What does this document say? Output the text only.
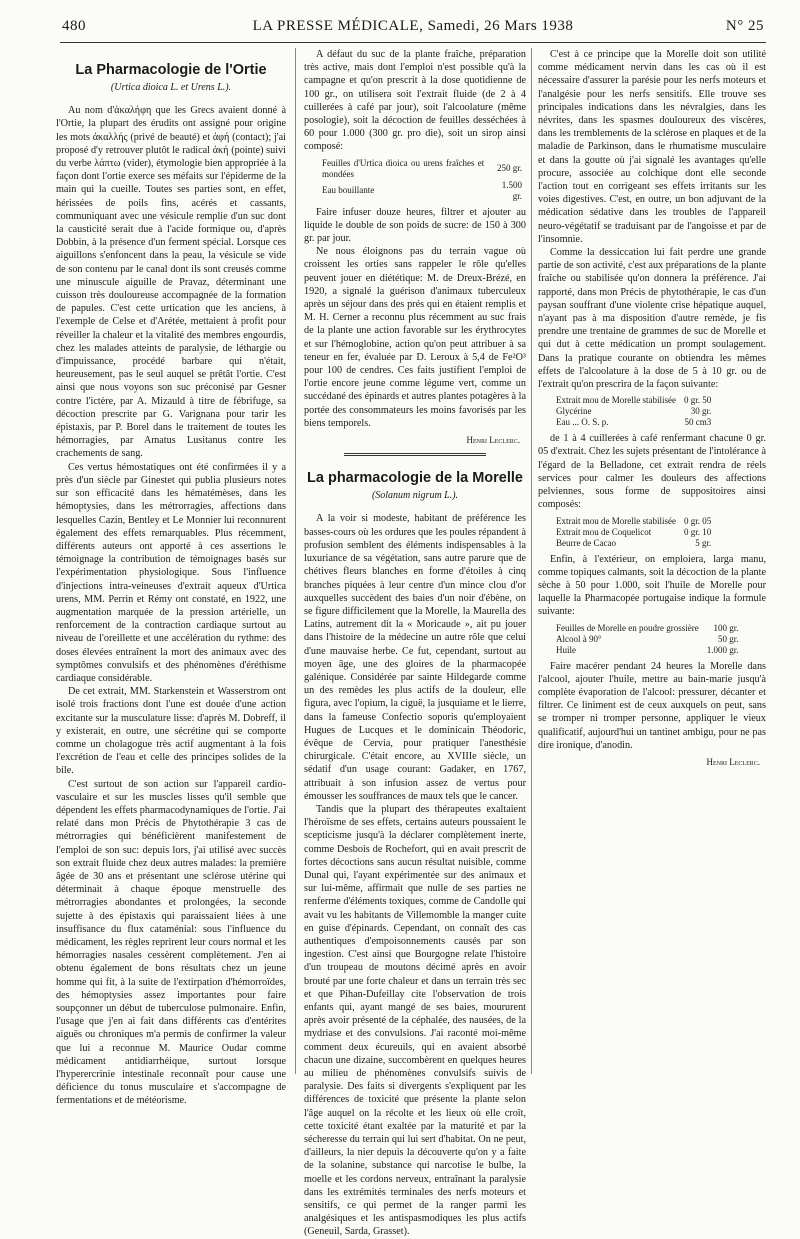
480	LA PRESSE MÉDICALE, Samedi, 26 Mars 1938	N° 25
La Pharmacologie de l'Ortie
(Urtica dioica L. et Urens L.).

Au nom d'ἀκαλήφη que les Grecs avaient donné à l'Ortie, la plupart des érudits ont assigné pour origine les mots ἀκαλλής (privé de beauté) et ἁφή (contact); j'ai proposé d'y retrouver plutôt le radical ἀκή (pointe) suivi du verbe λάπτω (vider), étymologie bien appropriée à la façon dont l'ortie exerce ses méfaits sur l'épiderme de la main qui la cueille. Toutes ses parties sont, en effet, hérissées de poils fins, acérés et cassants, communiquant avec une vésicule remplie d'un suc dont la causticité serait due à l'acide formique ou, d'après Dobbin, à la présence d'un ferment spécial. Lorsque ces aiguillons s'enfoncent dans la peau, la vésicule se vide de son contenu par le canal dont ils sont creusés comme une minuscule aiguille de Pravaz, déterminant une cuisson très douloureuse accompagnée de la formation de papules. C'est cette urtication que les anciens, à l'exemple de Celse et d'Arétée, mettaient à profit pour réveiller la chaleur et la vitalité des membres engourdis, chez les malades atteints de paralysie, de léthargie ou d'impuissance, procédé barbare qui n'était, heureusement, pas le seul auquel se prêtât l'ortie. C'est ainsi que nous voyons son suc préconisé par Gesner contre l'ictère, par A. Mizauld à titre de fébrifuge, sa décoction prescrite par G. Varignana pour tarir les épistaxis, par P. Borel dans le traitement de toutes les hémorragies, par Amatus Lusitanus contre les crachements de sang.

Ces vertus hémostatiques ont été confirmées il y a près d'un siècle par Ginestet qui publia plusieurs notes sur son efficacité dans les hématémèses, dans les hémoptysies, dans les métrorragies, affections dans lesquelles Cazin, Bentley et Le Monnier lui reconnurent également des effets remarquables. Plus récemment, différents auteurs ont apporté à ces assertions le témoignage la contribution de témoignages basés sur l'expérimentation physiologique. Sous l'influence d'injections intra-veineuses d'extrait aqueux d'Urtica urens, MM. Perrin et Rémy ont constaté, en 1922, une augmentation marquée de la pression artérielle, un renforcement de la contraction cardiaque surtout au niveau de l'oreillette et une accélération du rythme: des doses élevées entraînent la mort des animaux avec des symptômes convulsifs et des phénomènes d'éréthisme cardiaque considérable.

De cet extrait, MM. Starkenstein et Wasserstrom ont isolé trois fractions dont l'une est douée d'une action excitante sur la musculature lisse: d'après M. Dobreff, il y existerait, en outre, une sécrétine qui se comporte comme un cholagogue très actif augmentant à la fois l'excrétion de l'eau et celle des principes solides de la bile.

C'est surtout de son action sur l'appareil cardio-vasculaire et sur les muscles lisses qu'il semble que dépendent les effets pharmacodynamiques de l'ortie. J'ai relaté dans mon Précis de Phytothérapie 3 cas de métrorragies qui bénéficièrent manifestement de l'emploi de son suc: depuis lors, j'ai utilisé avec succès son extrait fluide chez deux autres malades: la première âgée de 30 ans et présentant une sclérose utérine qui déterminait à chaque époque menstruelle des métrorragies abondantes et prolongées, la seconde sujette à des épistaxis qui paraissaient liées à une insuffisance du flux cataménial: sous l'influence du médicament, les règles reprirent leur cours normal et les hémorragies nasales cessèrent complètement. J'en ai obtenu également de bons résultats chez un jeune homme qui fit, à la suite de l'extirpation d'hémorroïdes, des hémoptysies assez importantes pour faire soupçonner un début de tuberculose pulmonaire. Enfin, l'usage que j'en ai fait dans différents cas d'entérites aiguës ou chroniques m'a permis de confirmer la valeur que lui a reconnue M. Maurice Oudar comme médicament antidiarrhéique, surtout lorsque l'hyperercrinie intestinale reconnaît pour cause une déficience du tonus musculaire et s'accompagne de fermentations et de météorisme.

A défaut du suc de la plante fraîche, préparation très active, mais dont l'emploi n'est possible qu'à la campagne et qu'on prescrit à la dose quotidienne de 100 gr., on utilisera soit l'extrait fluide (de 2 à 4 cuillerées à café par jour), soit l'alcoolature (même posologie), soit la décoction de feuilles desséchées à 60 pour 1.000 (300 gr. pro die), soit un sirop ainsi composé:

Feuilles d'Urtica dioica ou urens fraîches et mondées	250 gr.
Eau bouillante	1.500 gr.

Faire infuser douze heures, filtrer et ajouter au liquide le double de son poids de sucre: de 150 à 300 gr. par jour.

Ne nous éloignons pas du terrain vague où croissent les orties sans rappeler le rôle qu'elles peuvent jouer en diététique: M. de Dreux-Brézé, en 1920, a signalé la guérison d'animaux tuberculeux après un séjour dans des prés qui en étaient remplis et M. H. Cerner a reconnu plus récemment au suc frais de la plante une action favorable sur les érythrocytes et sur l'hémoglobine, action qu'on peut attribuer à sa teneur en fer, évaluée par D. Leroux à 5,4 de Fe²O³ pour 100 de cendres. Ces faits justifient l'emploi de l'ortie encore jeune comme légume vert, comme un succédané des épinards et autres plantes potagères à la portée des consommateurs les moins favorisés par les biens temporels.

Henri Leclerc.
La pharmacologie de la Morelle
(Solanum nigrum L.).

A la voir si modeste, habitant de préférence les basses-cours où les ordures que les poules répandent à profusion semblent des éléments indispensables à la luxuriance de sa végétation, sans autre parure que de chétives fleurs blanches en forme d'étoiles à cinq branches piquées à leur centre d'un mince clou d'or auxquelles succèdent des baies d'un noir d'ébène, on se figure difficilement que la Morelle, la Maurella des Latins, autrement dit la « Moricaude », ait pu jouer dans l'histoire de la médecine un autre rôle que celui d'une mauvaise herbe. Ce fut, cependant, surtout au moyen âge, une des gloires de la pharmacopée galénique. Considérée par sainte Hildegarde comme un des remèdes les plus actifs de la douleur, elle figura, avec l'opium, la ciguë, la jusquiame et le lierre, dans la fameuse Confectio soporis qu'employaient Hugues de Lucques et le dominicain Théodoric, évêque de Cervia, pour pratiquer l'anesthésie chirurgicale. C'était encore, au XVIIIe siècle, un sédatif d'un usage courant: Gadaker, en 1767, attribuait à son infusion assez de vertus pour émousser les souffrances de maux tels que le cancer.

Tandis que la plupart des thérapeutes exaltaient l'héroïsme de ses effets, certains auteurs poussaient le scepticisme jusqu'à la déclarer complètement inerte, comme Desbois de Rochefort, qui en avait prescrit de fortes décoctions sans aucun résultat nuisible, comme Dunal qui, l'ayant expérimentée sur des animaux et sur lui-même, affirmait que nulle de ses parties ne renferme d'éléments toxiques, comme de Candolle qui avait vu les habitants de Villemomble la manger cuite en guise d'épinards. Cependant, on connaît des cas authentiques d'empoisonnements causés par son ingestion. C'est ainsi que Bourgogne relate l'histoire d'un troupeau de moutons décimé après en avoir brouté par une forte chaleur et dans un terrain très sec et que Pihan-Dufeillay cite l'observation de trois enfants qui, ayant mangé de ses baies, moururent après avoir présenté de la céphalée, des nausées, de la mydriase et des convulsions. J'ai raconté moi-même comment deux écureuils, qui en avaient absorbé chacun une dizaine, succombèrent en quelques heures au milieu de phénomènes convulsifs suivis de paralysie. Des faits si divergents s'expliquent par les différences de toxicité que présente la plante selon l'âge auquel on la récolte et les lieux où elle croît, cette toxicité étant exaltée par la maturité et par la sécheresse du terrain qui lui sert d'habitat. On ne peut, d'ailleurs, la nier depuis la découverte qu'on y a faite de la solanine, substance qui narcotise le bulbe, la moelle et les cordons nerveux, entraînant la paralysie dans les extrémités terminales des nerfs moteurs et sensitifs, ce qui permet de la ranger parmi les analgésiques et les antispasmodiques les plus actifs (Geneuil, Sarda, Grasset).

C'est à ce principe que la Morelle doit son utilité comme médicament nervin dans les cas où il est nécessaire d'assurer la parésie pour les nerfs moteurs et l'analgésie pour les nerfs sensitifs. Elle trouve ses principales indications dans les névralgies, dans les névrites, dans les spasmes douloureux des viscères, dans les tremblements de la sclérose en plaques et de la maladie de Parkinson, dans le rhumatisme musculaire et dans la goutte où j'ai signalé les avantages qu'elle procure, associée au colchique dont elle seconde l'action tout en corrigeant ses effets irritants sur les voies digestives. C'est, en outre, un bon adjuvant de la médication sédative dans les troubles de l'appareil neuro-végétatif se traduisant par de l'angoisse et par de l'insomnie.

Comme la dessiccation lui fait perdre une grande partie de son activité, c'est aux préparations de la plante fraîche ou stabilisée qu'on donnera la préférence. J'ai rapporté, dans mon Précis de phytothérapie, le cas d'un paysan souffrant d'une violente crise hépatique auquel, n'ayant pas à ma disposition d'autre remède, je fis prendre une trentaine de grammes de suc de Morelle et qui dut à cette médication un prompt soulagement. Dans la pratique courante on obtiendra les mêmes effets de l'alcoolature à la dose de 5 à 10 gr. ou de l'extrait qu'on prescrira de la façon suivante:

Extrait mou de Morelle stabilisée	0 gr. 50
Glycérine	30 gr.
Eau ... O. S. p.	50 cm3

de 1 à 4 cuillerées à café renfermant chacune 0 gr. 05 d'extrait. Chez les sujets présentant de l'intolérance à l'égard de la Belladone, cet extrait rendra de réels services pour calmer les douleurs des affections pelviennes, sous forme de suppositoires ainsi composés:

Extrait mou de Morelle stabilisée	0 gr. 05
Extrait mou de Coquelicot	0 gr. 10
Beurre de Cacao	5 gr.

Enfin, à l'extérieur, on emploiera, larga manu, comme topiques calmants, soit la décoction de la plante sèche à 50 pour 1.000, soit l'huile de Morelle pour laquelle la Pharmacopée portugaise indique la formule suivante:

Feuilles de Morelle en poudre grossière	100 gr.
Alcool à 90°	50 gr.
Huile	1.000 gr.

Faire macérer pendant 24 heures la Morelle dans l'alcool, ajouter l'huile, mettre au bain-marie jusqu'à complète évaporation de l'alcool: pressurer, décanter et filtrer. Ce liniment est de ceux auxquels on peut, sans se tromper ni tromper personne, appliquer le vieux qualificatif, aujourd'hui un tantinet ambigu, pour ne pas dire ironique, d'anodin.

Henri Leclerc.
